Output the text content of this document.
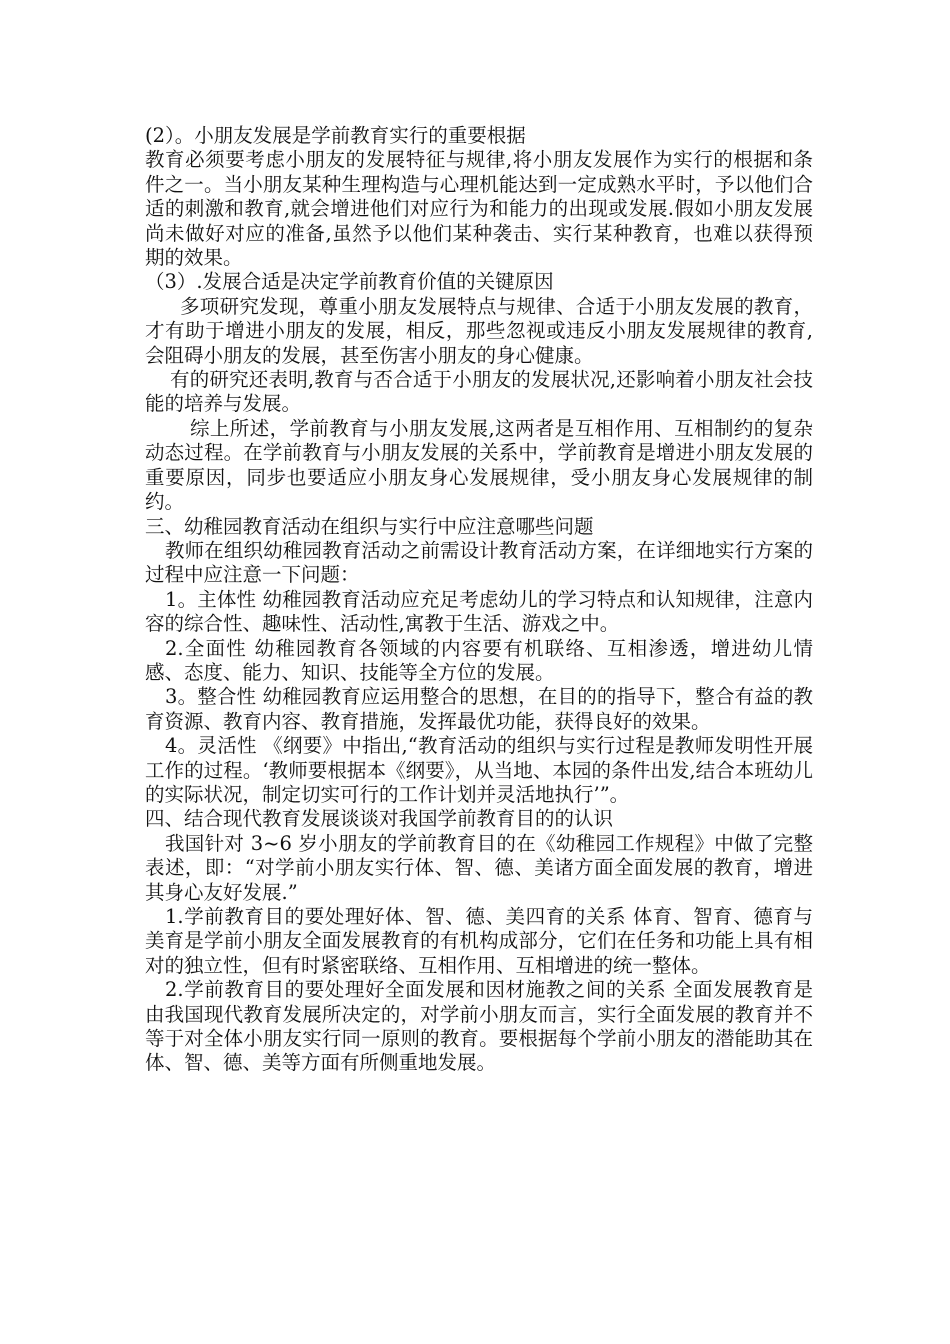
(2）。小朋友发展是学前教育实行的重要根据

教育必须要考虑小朋友的发展特征与规律,将小朋友发展作为实行的根据和条件之一。当小朋友某种生理构造与心理机能达到一定成熟水平时，予以他们合适的刺激和教育,就会增进他们对应行为和能力的出现或发展.假如小朋友发展尚未做好对应的准备,虽然予以他们某种袭击、实行某种教育，也难以获得预期的效果。

（3）.发展合适是决定学前教育价值的关键原因

多项研究发现，尊重小朋友发展特点与规律、合适于小朋友发展的教育，才有助于增进小朋友的发展，相反，那些忽视或违反小朋友发展规律的教育,会阻碍小朋友的发展，甚至伤害小朋友的身心健康。

有的研究还表明,教育与否合适于小朋友的发展状况,还影响着小朋友社会技能的培养与发展。

综上所述，学前教育与小朋友发展,这两者是互相作用、互相制约的复杂动态过程。在学前教育与小朋友发展的关系中，学前教育是增进小朋友发展的重要原因，同步也要适应小朋友身心发展规律，受小朋友身心发展规律的制约。

三、幼稚园教育活动在组织与实行中应注意哪些问题

教师在组织幼稚园教育活动之前需设计教育活动方案，在详细地实行方案的过程中应注意一下问题：

1。主体性 幼稚园教育活动应充足考虑幼儿的学习特点和认知规律，注意内容的综合性、趣味性、活动性,寓教于生活、游戏之中。

2.全面性 幼稚园教育各领域的内容要有机联络、互相渗透，增进幼儿情感、态度、能力、知识、技能等全方位的发展。

3。整合性 幼稚园教育应运用整合的思想，在目的的指导下，整合有益的教育资源、教育内容、教育措施，发挥最优功能，获得良好的效果。

4。灵活性 《纲要》中指出,“教育活动的组织与实行过程是教师发明性开展工作的过程。‘教师要根据本《纲要》，从当地、本园的条件出发,结合本班幼儿的实际状况，制定切实可行的工作计划并灵活地执行’”。

四、结合现代教育发展谈谈对我国学前教育目的的认识

我国针对 3~6 岁小朋友的学前教育目的在《幼稚园工作规程》中做了完整表述，即：“对学前小朋友实行体、智、德、美诸方面全面发展的教育，增进其身心友好发展.”

1.学前教育目的要处理好体、智、德、美四育的关系 体育、智育、德育与美育是学前小朋友全面发展教育的有机构成部分，它们在任务和功能上具有相对的独立性，但有时紧密联络、互相作用、互相增进的统一整体。

2.学前教育目的要处理好全面发展和因材施教之间的关系 全面发展教育是由我国现代教育发展所决定的，对学前小朋友而言，实行全面发展的教育并不等于对全体小朋友实行同一原则的教育。要根据每个学前小朋友的潜能助其在体、智、德、美等方面有所侧重地发展。
